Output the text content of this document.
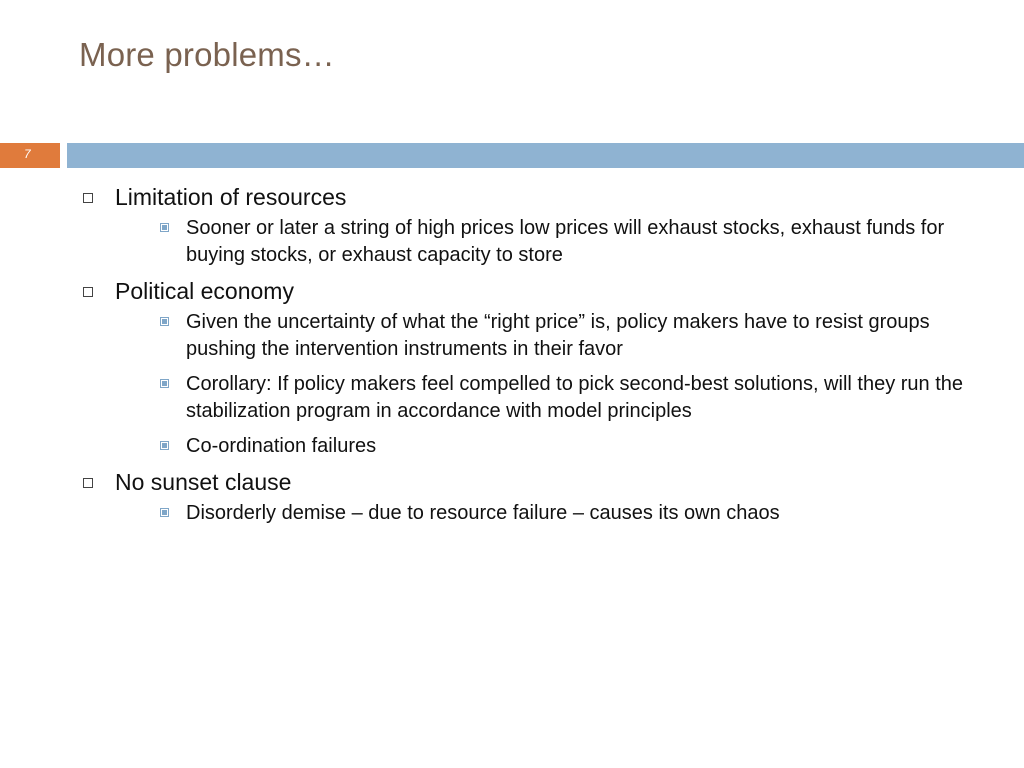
More problems…
7
Limitation of resources
Sooner or later a string of high prices low prices will exhaust stocks, exhaust funds for buying stocks, or exhaust capacity to store
Political economy
Given the uncertainty of what the “right price” is, policy makers have to resist groups pushing the intervention instruments in their favor
Corollary: If policy makers feel compelled to pick second-best solutions, will they run the stabilization program in accordance with model principles
Co-ordination failures
No sunset clause
Disorderly demise – due to resource failure – causes its own chaos
